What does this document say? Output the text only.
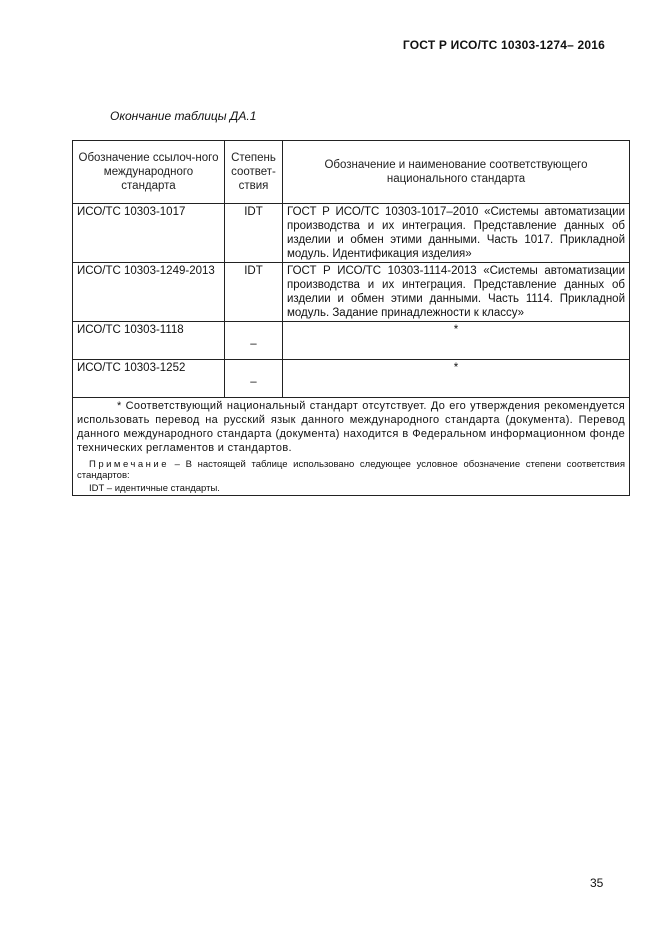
ГОСТ Р ИСО/ТС 10303-1274– 2016
Окончание таблицы ДА.1
Обозначение ссылоч-ного международного стандарта	Степень соответ-ствия	Обозначение и наименование соответствующего национального стандарта
ИСО/ТС 10303-1017	IDT	ГОСТ Р ИСО/ТС 10303-1017–2010 «Системы автоматизации производства и их интеграция. Представление данных об изделии и обмен этими данными. Часть 1017. Прикладной модуль. Идентификация изделия»
ИСО/ТС 10303-1249-2013	IDT	ГОСТ Р ИСО/ТС 10303-1114-2013 «Системы автоматизации производства и их интеграция. Представление данных об изделии и обмен этими данными. Часть 1114. Прикладной модуль. Задание принадлежности к классу»
ИСО/ТС 10303-1118	–	*
ИСО/ТС 10303-1252	–	*

* Соответствующий национальный стандарт отсутствует. До его утверждения рекомендуется использовать перевод на русский язык данного международного стандарта (документа). Перевод данного международного стандарта (документа) находится в Федеральном информационном фонде технических регламентов и стандартов.

Примечание – В настоящей таблице использовано следующее условное обозначение степени соответствия стандартов:

IDT – идентичные стандарты.		

35
